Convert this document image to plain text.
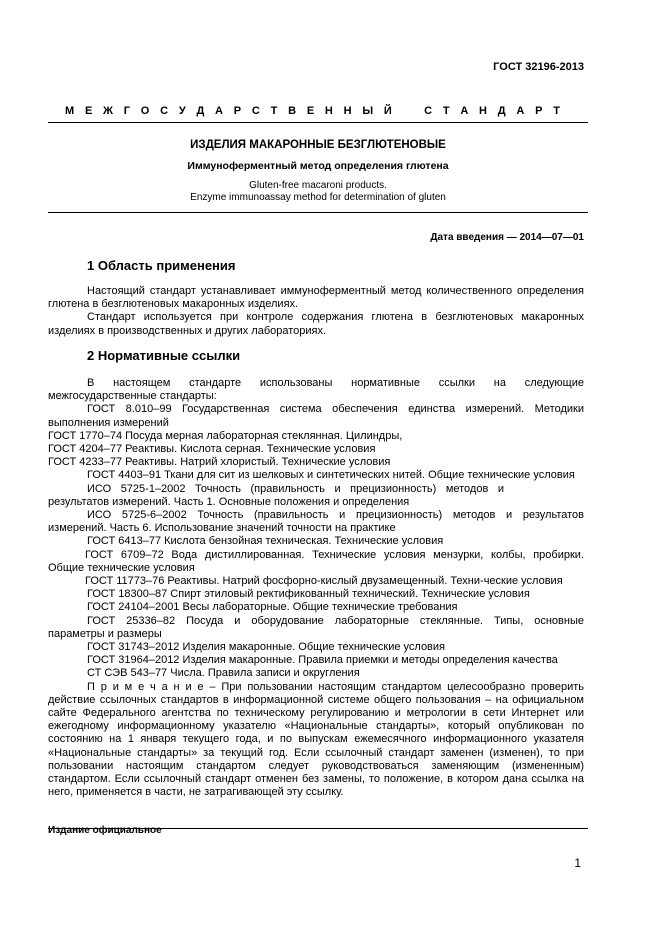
ГОСТ 32196-2013
М Е Ж Г О С У Д А Р С Т В Е Н Н Ы Й	С Т А Н Д А Р Т
ИЗДЕЛИЯ МАКАРОННЫЕ БЕЗГЛЮТЕНОВЫЕ
Иммуноферментный метод определения глютена
Gluten-free macaroni products.
Enzyme immunoassay method for determination of gluten
Дата введения — 2014—07—01
1 Область применения
Настоящий стандарт устанавливает иммуноферментный метод количественного определения
глютена в безглютеновых макаронных изделиях.
Стандарт используется при контроле содержания глютена в безглютеновых макаронных
изделиях в производственных и других лабораториях.
2 Нормативные ссылки
В настоящем стандарте использованы нормативные ссылки на следующие
межгосударственные стандарты:
ГОСТ 8.010–99 Государственная система обеспечения единства измерений. Методики
выполнения измерений
ГОСТ 1770–74 Посуда мерная лабораторная стеклянная. Цилиндры,
ГОСТ 4204–77 Реактивы. Кислота серная. Технические условия
ГОСТ 4233–77 Реактивы. Натрий хлористый. Технические условия
ГОСТ 4403–91 Ткани для сит из шелковых и синтетических нитей. Общие технические условия
ИСО 5725-1–2002 Точность (правильность и прецизионность) методов и
результатов измерений. Часть 1. Основные положения и определения
ИСО 5725-6–2002 Точность (правильность и прецизионность) методов и результатов
измерений. Часть 6. Использование значений точности на практике
ГОСТ 6413–77 Кислота бензойная техническая. Технические условия
ГОСТ 6709–72 Вода дистиллированная. Технические условия мензурки, колбы, пробирки.
Общие технические условия
ГОСТ 11773–76 Реактивы. Натрий фосфорно-кислый двузамещенный. Техни-ческие условия
ГОСТ 18300–87 Спирт этиловый ректификованный технический. Технические условия
ГОСТ 24104–2001 Весы лабораторные. Общие технические требования
ГОСТ 25336–82 Посуда и оборудование лабораторные стеклянные. Типы, основные
параметры и размеры
ГОСТ 31743–2012 Изделия макаронные. Общие технические условия
ГОСТ 31964–2012 Изделия макаронные. Правила приемки и методы определения качества
СТ СЭВ 543–77 Числа. Правила записи и округления
П р и м е ч а н и е – При пользовании настоящим стандартом целесообразно проверить
действие ссылочных стандартов в информационной системе общего пользования – на официальном
сайте Федерального агентства по техническому регулированию и метрологии в сети Интернет или
ежегодному информационному указателю «Национальные стандарты», который опубликован по
состоянию на 1 января текущего года, и по выпускам ежемесячного информационного указателя
«Национальные стандарты» за текущий год. Если ссылочный стандарт заменен (изменен), то при
пользовании настоящим стандартом следует руководствоваться заменяющим (измененным)
стандартом. Если ссылочный стандарт отменен без замены, то положение, в котором дана ссылка на
него, применяется в части, не затрагивающей эту ссылку.
Издание официальное
1
